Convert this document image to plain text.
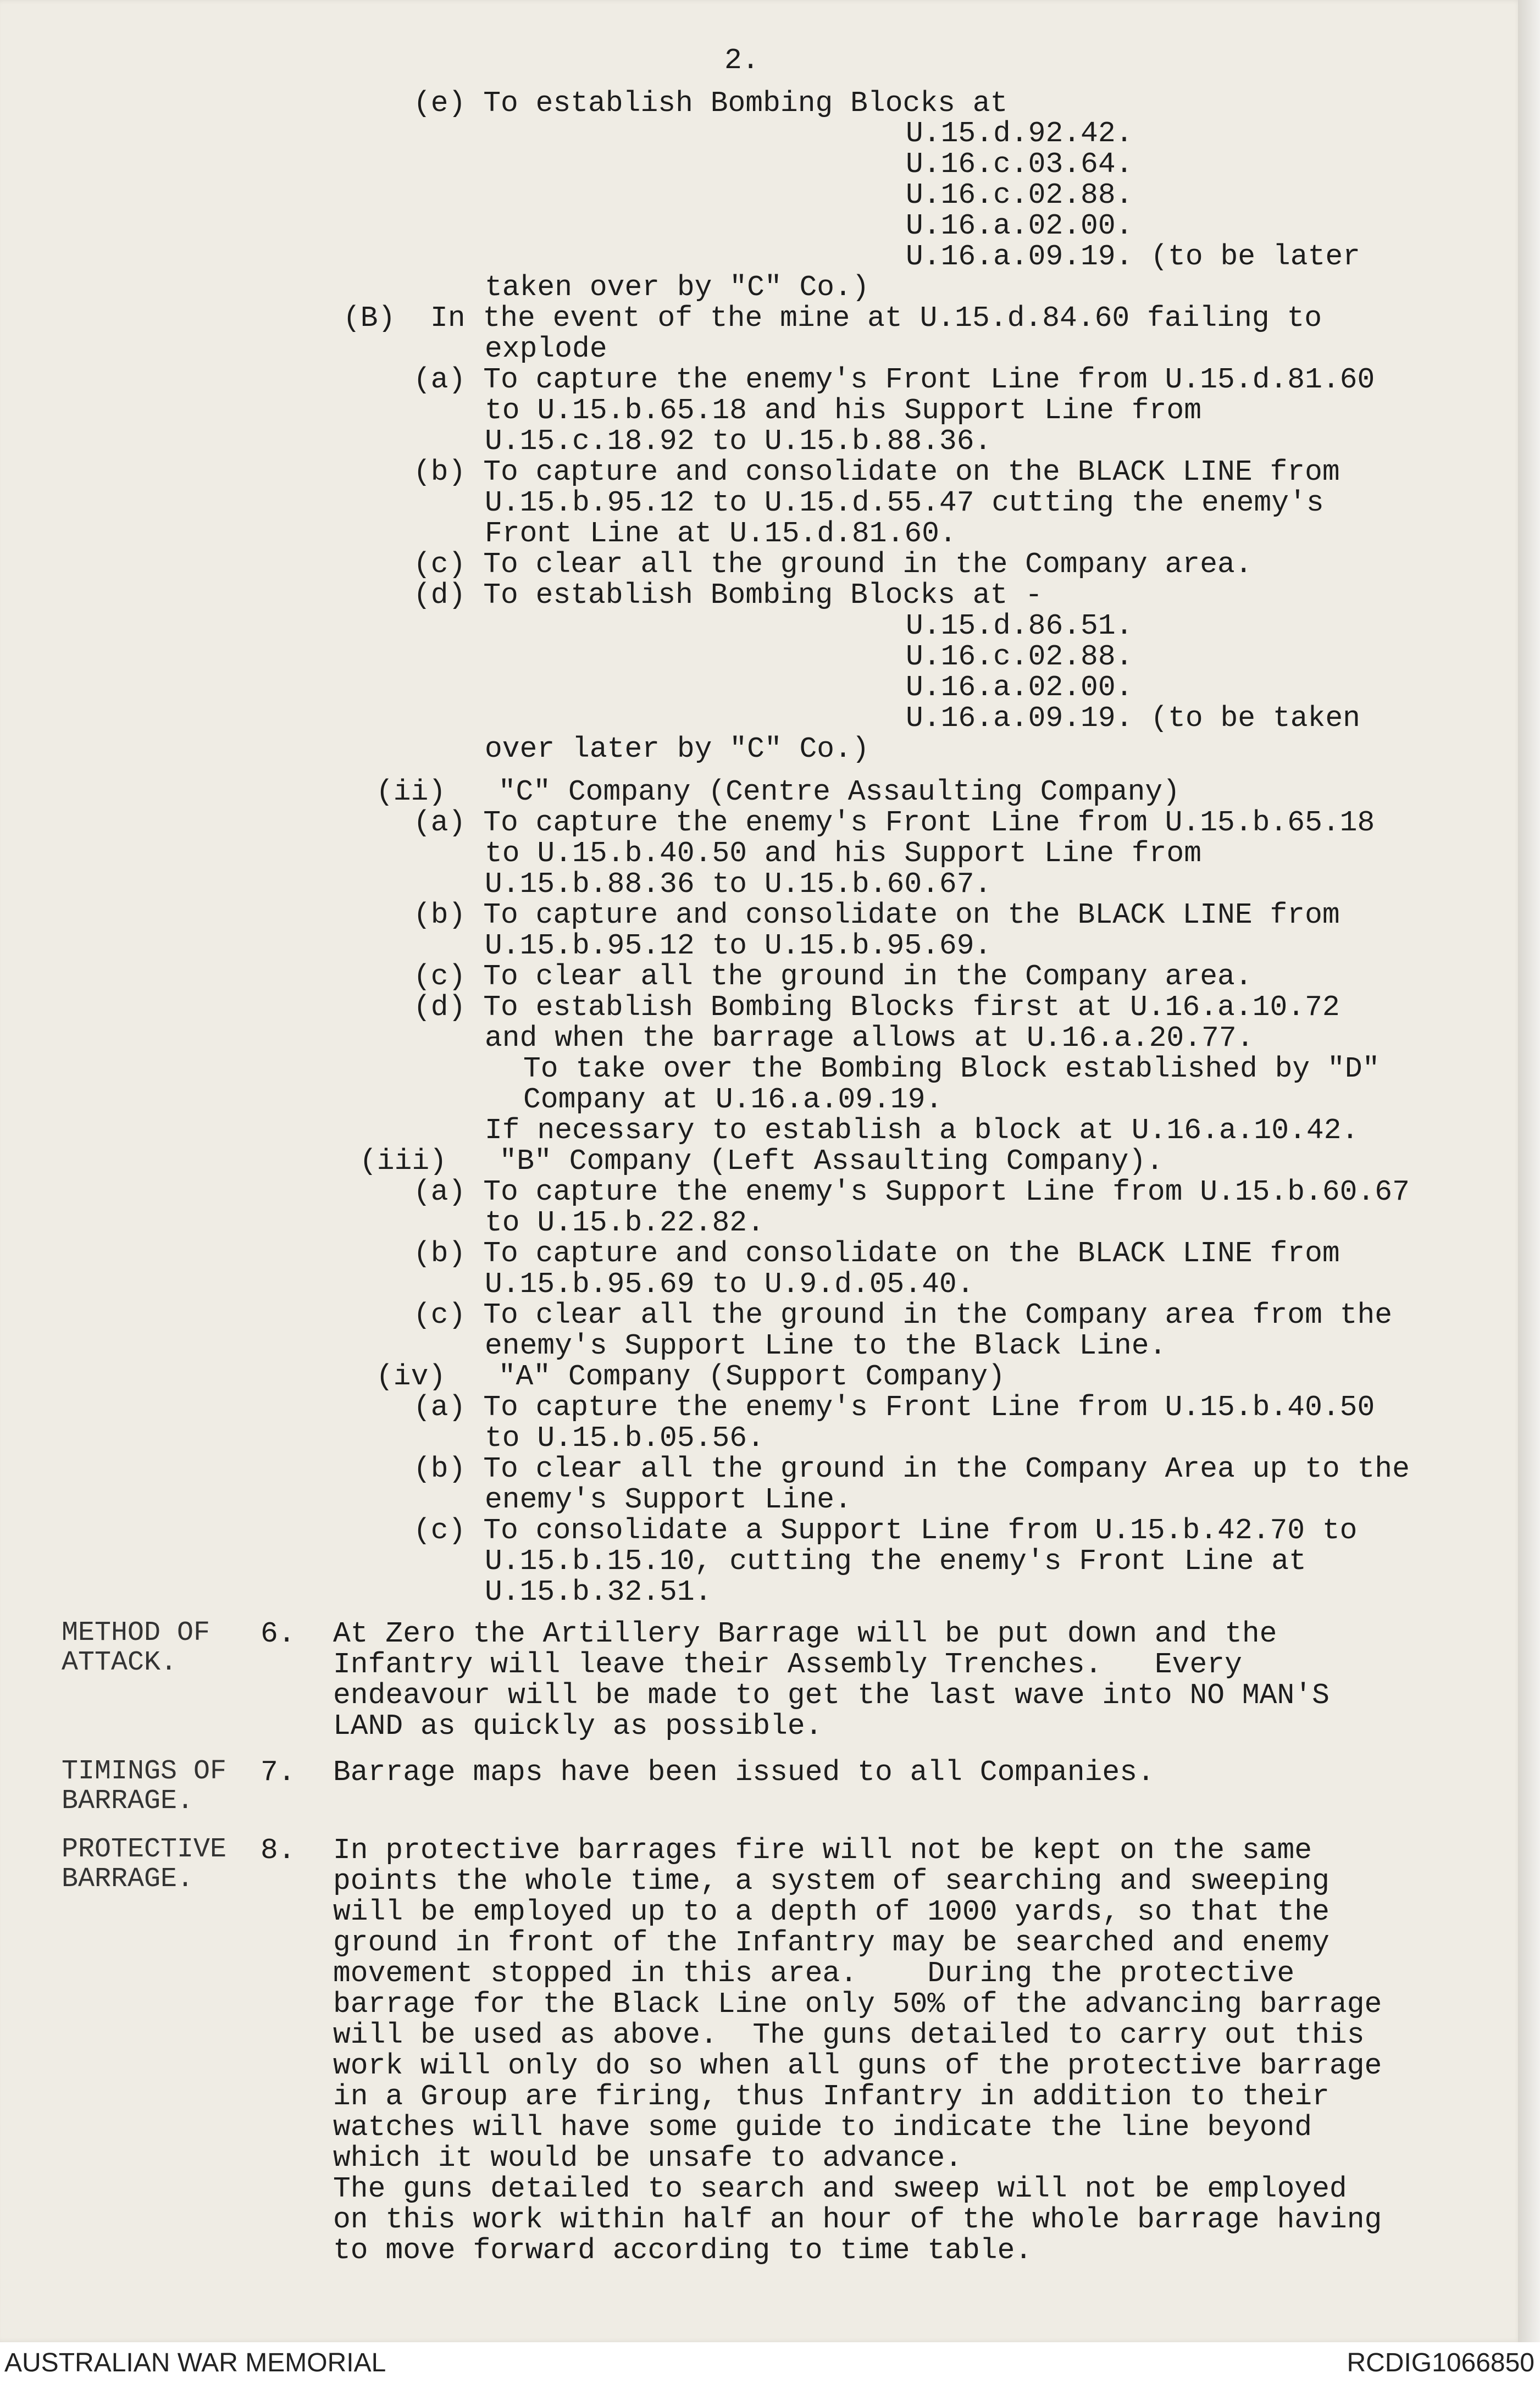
2.
(e) To establish Bombing Blocks at
U.15.d.92.42.
U.16.c.03.64.
U.16.c.02.88.
U.16.a.02.00.
U.16.a.09.19. (to be later
taken over by "C" Co.)
(B)  In the event of the mine at U.15.d.84.60 failing to
explode
(a) To capture the enemy's Front Line from U.15.d.81.60
to U.15.b.65.18 and his Support Line from
U.15.c.18.92 to U.15.b.88.36.
(b) To capture and consolidate on the BLACK LINE from
U.15.b.95.12 to U.15.d.55.47 cutting the enemy's
Front Line at U.15.d.81.60.
(c) To clear all the ground in the Company area.
(d) To establish Bombing Blocks at -
U.15.d.86.51.
U.16.c.02.88.
U.16.a.02.00.
U.16.a.09.19. (to be taken
over later by "C" Co.)
(ii)   "C" Company (Centre Assaulting Company)
(a) To capture the enemy's Front Line from U.15.b.65.18
to U.15.b.40.50 and his Support Line from
U.15.b.88.36 to U.15.b.60.67.
(b) To capture and consolidate on the BLACK LINE from
U.15.b.95.12 to U.15.b.95.69.
(c) To clear all the ground in the Company area.
(d) To establish Bombing Blocks first at U.16.a.10.72
and when the barrage allows at U.16.a.20.77.
To take over the Bombing Block established by "D"
Company at U.16.a.09.19.
If necessary to establish a block at U.16.a.10.42.
(iii)   "B" Company (Left Assaulting Company).
(a) To capture the enemy's Support Line from U.15.b.60.67
to U.15.b.22.82.
(b) To capture and consolidate on the BLACK LINE from
U.15.b.95.69 to U.9.d.05.40.
(c) To clear all the ground in the Company area from the
enemy's Support Line to the Black Line.
(iv)   "A" Company (Support Company)
(a) To capture the enemy's Front Line from U.15.b.40.50
to U.15.b.05.56.
(b) To clear all the ground in the Company Area up to the
enemy's Support Line.
(c) To consolidate a Support Line from U.15.b.42.70 to
U.15.b.15.10, cutting the enemy's Front Line at
U.15.b.32.51.
METHOD OF
ATTACK.
6. At Zero the Artillery Barrage will be put down and the
Infantry will leave their Assembly Trenches.   Every
endeavour will be made to get the last wave into NO MAN'S
LAND as quickly as possible.
TIMINGS OF
BARRAGE.
7. Barrage maps have been issued to all Companies.
PROTECTIVE
BARRAGE.
8. In protective barrages fire will not be kept on the same
points the whole time, a system of searching and sweeping
will be employed up to a depth of 1000 yards, so that the
ground in front of the Infantry may be searched and enemy
movement stopped in this area.    During the protective
barrage for the Black Line only 50% of the advancing barrage
will be used as above.  The guns detailed to carry out this
work will only do so when all guns of the protective barrage
in a Group are firing, thus Infantry in addition to their
watches will have some guide to indicate the line beyond
which it would be unsafe to advance.
The guns detailed to search and sweep will not be employed
on this work within half an hour of the whole barrage having
to move forward according to time table.
AUSTRALIAN WAR MEMORIAL	RCDIG1066850
